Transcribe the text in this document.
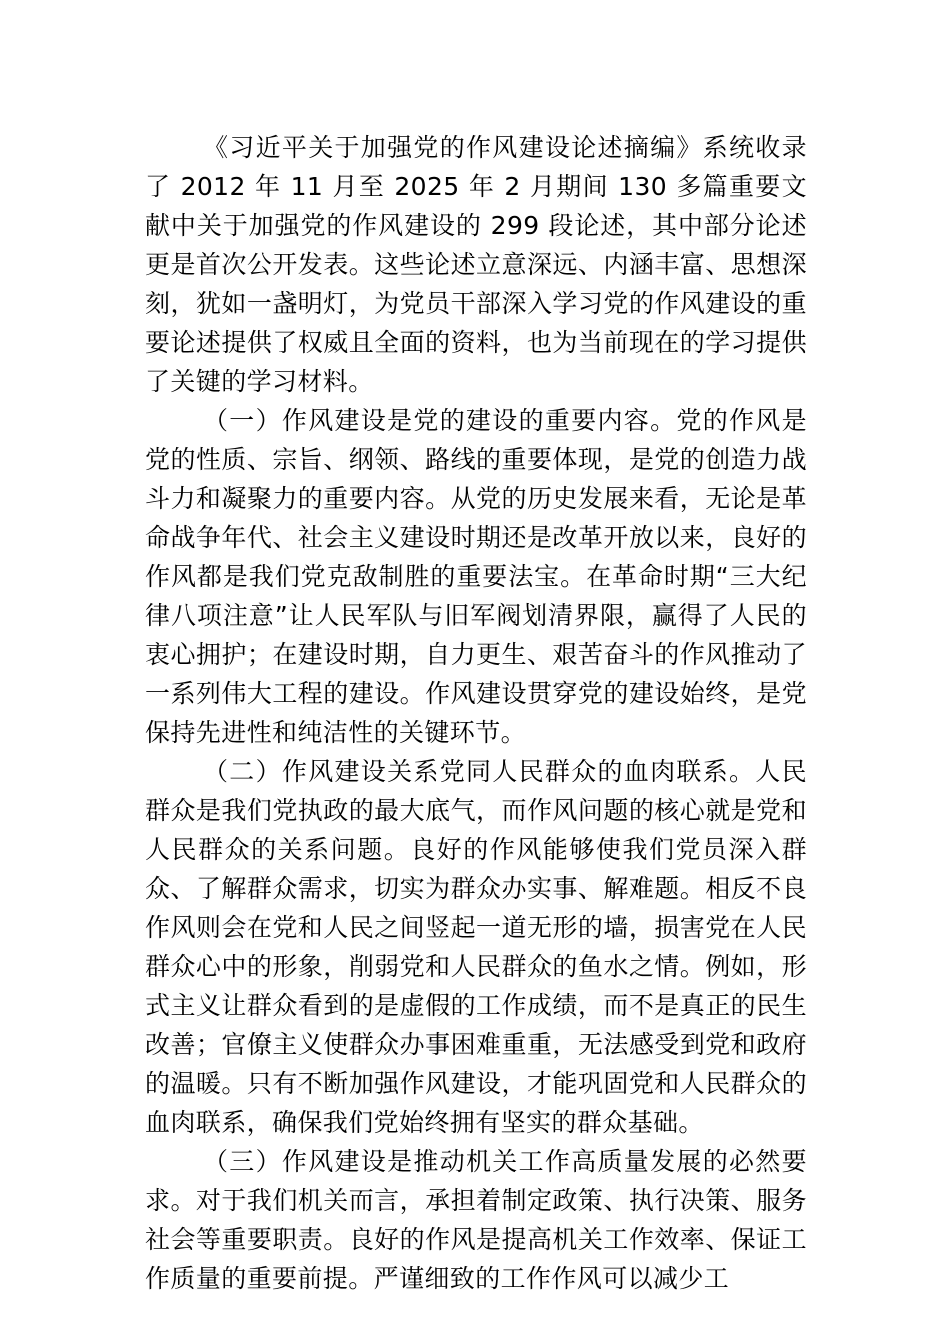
《习近平关于加强党的作风建设论述摘编》系统收录了 2012 年 11 月至 2025 年 2 月期间 130 多篇重要文献中关于加强党的作风建设的 299 段论述，其中部分论述更是首次公开发表。这些论述立意深远、内涵丰富、思想深刻，犹如一盏明灯，为党员干部深入学习党的作风建设的重要论述提供了权威且全面的资料，也为当前现在的学习提供了关键的学习材料。

（一）作风建设是党的建设的重要内容。党的作风是党的性质、宗旨、纲领、路线的重要体现，是党的创造力战斗力和凝聚力的重要内容。从党的历史发展来看，无论是革命战争年代、社会主义建设时期还是改革开放以来，良好的作风都是我们党克敌制胜的重要法宝。在革命时期“三大纪律八项注意”让人民军队与旧军阀划清界限，赢得了人民的衷心拥护；在建设时期，自力更生、艰苦奋斗的作风推动了一系列伟大工程的建设。作风建设贯穿党的建设始终，是党保持先进性和纯洁性的关键环节。

（二）作风建设关系党同人民群众的血肉联系。人民群众是我们党执政的最大底气，而作风问题的核心就是党和人民群众的关系问题。良好的作风能够使我们党员深入群众、了解群众需求，切实为群众办实事、解难题。相反不良作风则会在党和人民之间竖起一道无形的墙，损害党在人民群众心中的形象，削弱党和人民群众的鱼水之情。例如，形式主义让群众看到的是虚假的工作成绩，而不是真正的民生改善；官僚主义使群众办事困难重重，无法感受到党和政府的温暖。只有不断加强作风建设，才能巩固党和人民群众的血肉联系，确保我们党始终拥有坚实的群众基础。

（三）作风建设是推动机关工作高质量发展的必然要求。对于我们机关而言，承担着制定政策、执行决策、服务社会等重要职责。良好的作风是提高机关工作效率、保证工作质量的重要前提。严谨细致的工作作风可以减少工
